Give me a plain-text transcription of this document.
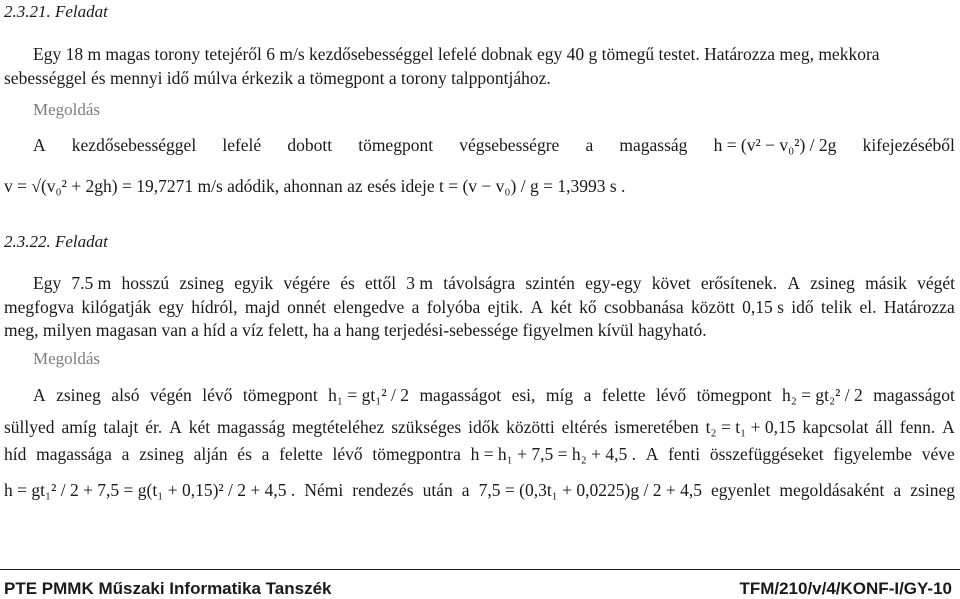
2.3.21. Feladat
Egy 18 m magas torony tetejéről 6 m/s kezdősebességgel lefelé dobnak egy 40 g tömegű testet. Határozza meg, mekkora
sebességgel és mennyi idő múlva érkezik a tömegpont a torony talppontjához.
Megoldás
A kezdősebességgel lefelé dobott tömegpont végsebességre a magasság h = (v² − v₀²) / 2g kifejezéséből
v = √(v₀² + 2gh) = 19,7271 m/s adódik, ahonnan az esés ideje t = (v − v₀) / g = 1,3993 s .
2.3.22. Feladat
Egy 7.5 m hosszú zsineg egyik végére és ettől 3 m távolságra szintén egy-egy követ erősítenek. A zsineg másik végét
megfogva kilógatják egy hídról, majd onnét elengedve a folyóba ejtik. A két kő csobbanása között 0,15 s idő telik el. Határozza
meg, milyen magasan van a híd a víz felett, ha a hang terjedési-sebessége figyelmen kívül hagyható.
Megoldás
A zsineg alsó végén lévő tömegpont h₁ = gt₁² / 2 magasságot esi, míg a felette lévő tömegpont h₂ = gt₂² / 2 magasságot
süllyed amíg talajt ér. A két magasság megtételéhez szükséges idők közötti eltérés ismeretében t₂ = t₁ + 0,15 kapcsolat áll fenn. A
híd magassága a zsineg alján és a felette lévő tömegpontra h = h₁ + 7,5 = h₂ + 4,5 . A fenti összefüggéseket figyelembe véve
h = gt₁² / 2 + 7,5 = g(t₁ + 0,15)² / 2 + 4,5 . Némi rendezés után a 7,5 = (0,3t₁ + 0,0225)g / 2 + 4,5 egyenlet megoldásaként a zsineg
PTE PMMK Műszaki Informatika Tanszék	TFM/210/v/4/KONF-I/GY-10
